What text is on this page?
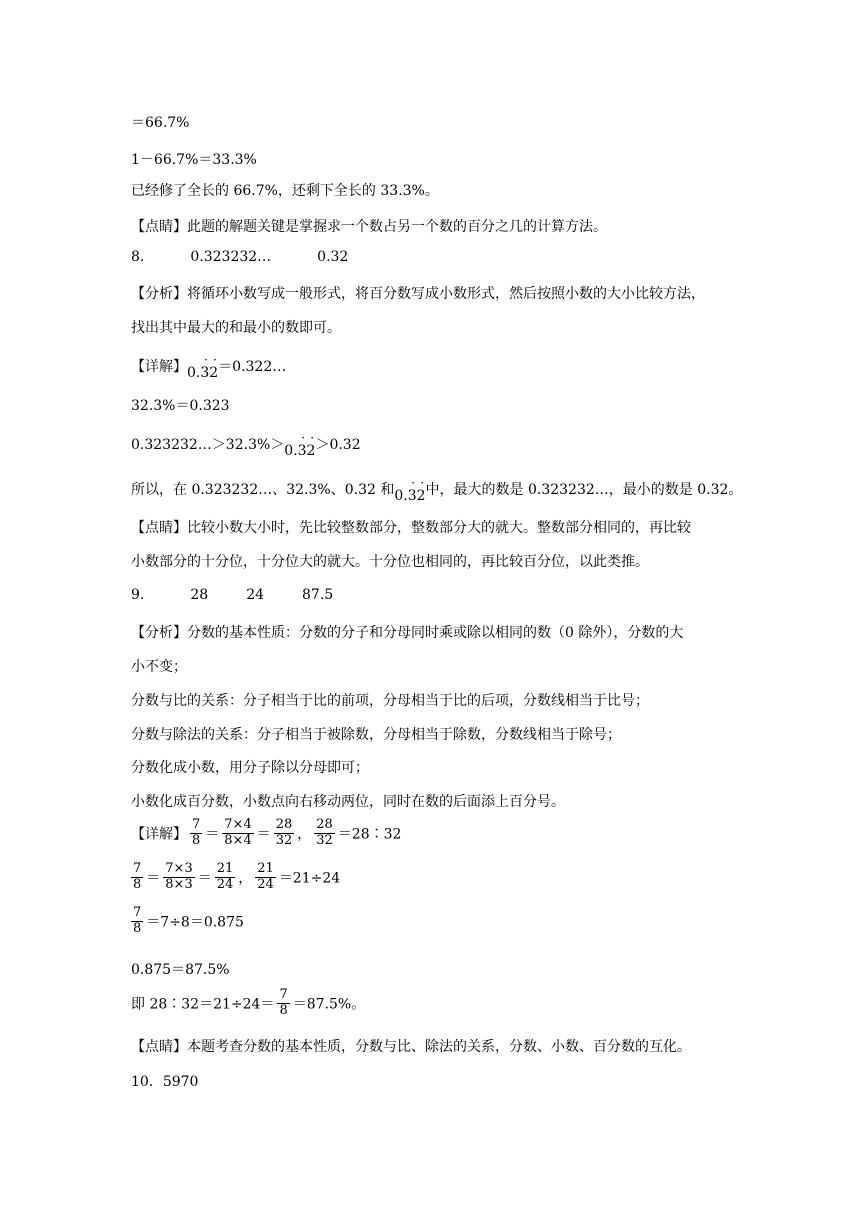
＝66.7%
1－66.7%＝33.3%
已经修了全长的 66.7%，还剩下全长的 33.3%。
【点睛】此题的解题关键是掌握求一个数占另一个数的百分之几的计算方法。
8.	0.323232…	0.32
【分析】将循环小数写成一般形式，将百分数写成小数形式，然后按照小数的大小比较方法，
找出其中最大的和最小的数即可。
【详解】0.32
· · ＝0.322…
32.3%＝0.323
0.323232…＞32.3%＞0.32
· · ＞0.32
所以，在 0.323232…、32.3%、0.32 和0.32
· · 中，最大的数是 0.323232…，最小的数是 0.32。
【点睛】比较小数大小时，先比较整数部分，整数部分大的就大。整数部分相同的，再比较
小数部分的十分位，十分位大的就大。十分位也相同的，再比较百分位，以此类推。
9.	28	24	87.5
【分析】分数的基本性质：分数的分子和分母同时乘或除以相同的数（0 除外），分数的大
小不变；
分数与比的关系：分子相当于比的前项，分母相当于比的后项，分数线相当于比号；
分数与除法的关系：分子相当于被除数，分母相当于除数，分数线相当于除号；
分数化成小数，用分子除以分母即可；
小数化成百分数，小数点向右移动两位，同时在数的后面添上百分号。
【详解】 $\frac{7}{8} = \frac{7\times 4}{8\times 4} = \frac{28}{32}$ ， $\frac{28}{32}$ ＝28∶32
$\frac{7}{8} = \frac{7\times 3}{8\times 3} = \frac{21}{24}$ ， $\frac{21}{24} =21\div 24$
$\frac{7}{8} =7\div 8=0.875$
0.875＝87.5%
即 28∶32＝21÷24＝ $\frac{7}{8} =87.5\%$。
【点睛】本题考查分数的基本性质，分数与比、除法的关系，分数、小数、百分数的互化。
10．5970
